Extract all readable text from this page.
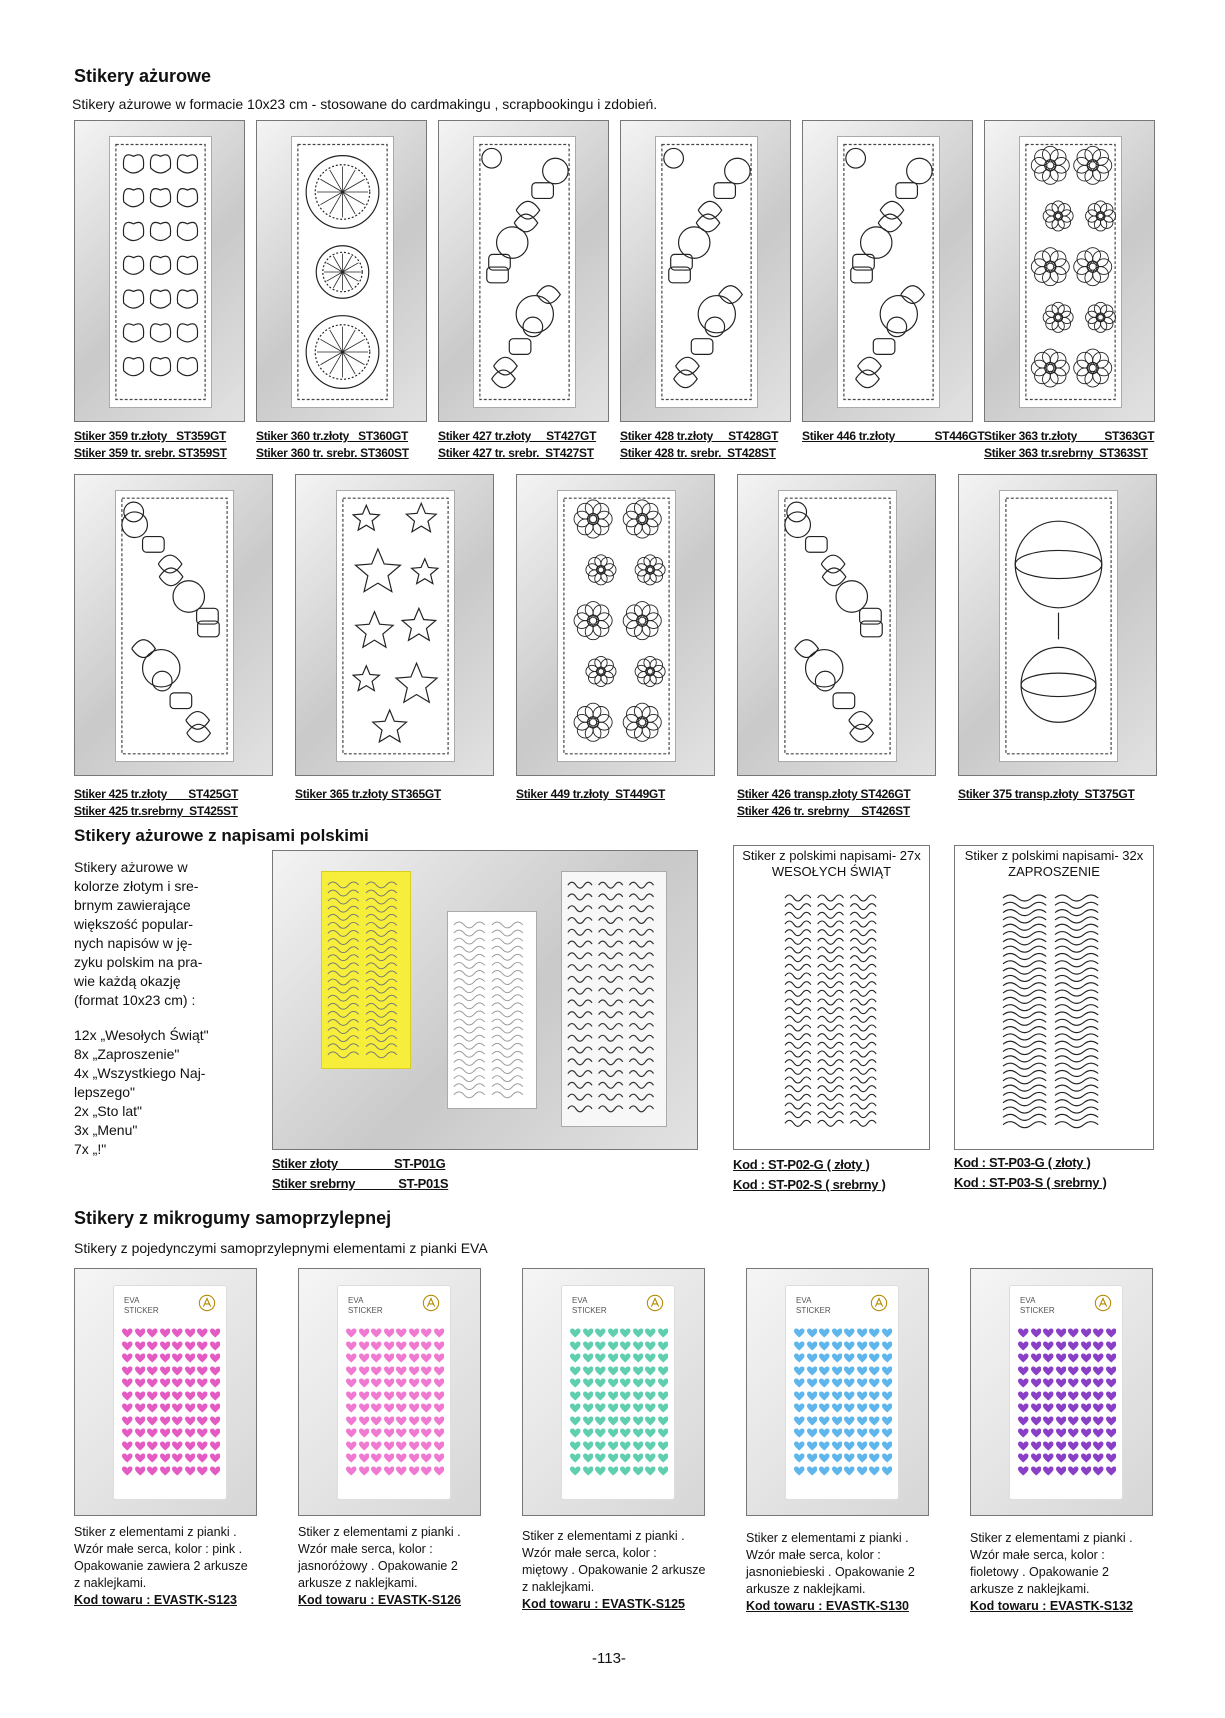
Stikery ażurowe
Stikery ażurowe w formacie 10x23 cm - stosowane do cardmakingu , scrapbookingu i zdobień.
Stiker 359 tr.złoty   ST359GT
Stiker 359 tr. srebr. ST359ST
Stiker 360 tr.złoty   ST360GT
Stiker 360 tr. srebr. ST360ST
Stiker 427 tr.złoty     ST427GT
Stiker 427 tr. srebr.  ST427ST
Stiker 428 tr.złoty     ST428GT
Stiker 428 tr. srebr.  ST428ST
Stiker 446 tr.złoty             ST446GT Stiker 363 tr.złoty         ST363GT
Stiker 363 tr.srebrny  ST363ST
Stiker 425 tr.złoty       ST425GT
Stiker 425 tr.srebrny  ST425ST
Stiker 365 tr.złoty ST365GT	Stiker 449 tr.złoty  ST449GT	Stiker 426 transp.złoty ST426GT
Stiker 426 tr. srebrny    ST426ST
Stiker 375 transp.złoty  ST375GT
Stikery ażurowe z napisami polskimi
Stikery ażurowe w
kolorze złotym i sre-
brnym zawierające
większość popular-
nych napisów w ję-
zyku polskim na pra-
wie każdą okazję
(format 10x23 cm) :
12x „Wesołych Świąt"
8x „Zaproszenie"
4x „Wszystkiego Naj-
lepszego"
2x „Sto lat"
3x „Menu"
7x „!"
Stiker złoty                 ST-P01G
Stiker srebrny             ST-P01S
Stiker z polskimi napisami- 27x WESOŁYCH ŚWIĄT
Kod : ST-P02-G ( złoty )
Kod : ST-P02-S ( srebrny )
Stiker z polskimi napisami- 32x ZAPROSZENIE
Kod : ST-P03-G ( złoty )
Kod : ST-P03-S ( srebrny )
Stikery z mikrogumy samoprzylepnej
Stikery z pojedynczymi samoprzylepnymi elementami z pianki EVA
EVA
STICKER
Stiker z elementami z pianki .
Wzór małe serca, kolor : pink .
Opakowanie zawiera 2 arkusze
z naklejkami.
Kod towaru : EVASTK-S123
EVA
STICKER
Stiker z elementami z pianki .
Wzór małe serca, kolor :
jasnoróżowy . Opakowanie 2
arkusze z naklejkami.
Kod towaru : EVASTK-S126
EVA
STICKER
Stiker z elementami z pianki .
Wzór małe serca, kolor :
miętowy . Opakowanie 2 arkusze
z naklejkami.
Kod towaru : EVASTK-S125
EVA
STICKER
Stiker z elementami z pianki .
Wzór małe serca, kolor :
jasnoniebieski . Opakowanie 2
arkusze z naklejkami.
Kod towaru : EVASTK-S130
EVA
STICKER
Stiker z elementami z pianki .
Wzór małe serca, kolor :
fioletowy . Opakowanie 2
arkusze z naklejkami.
Kod towaru : EVASTK-S132
-113-
